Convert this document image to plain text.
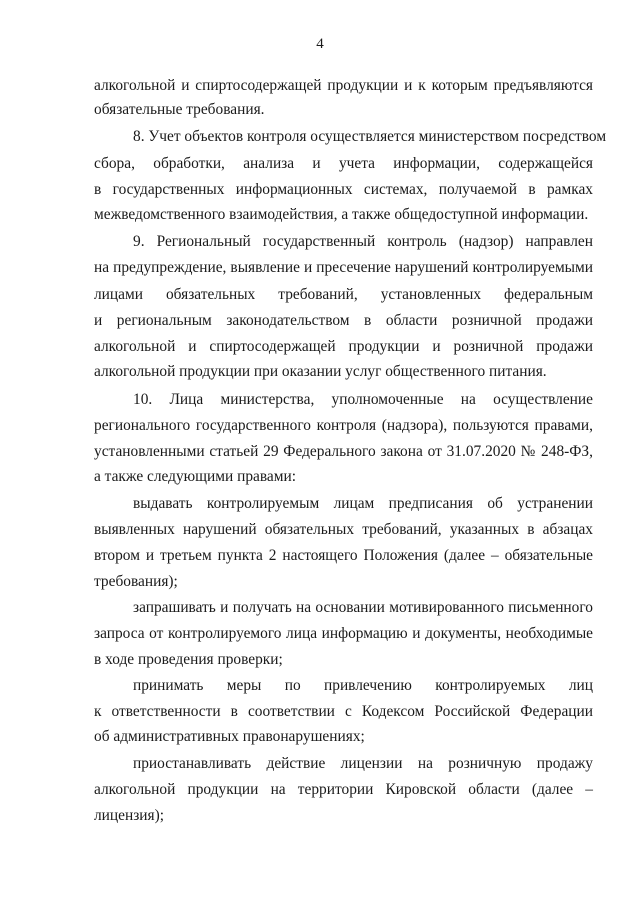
4
алкогольной и спиртосодержащей продукции и к которым предъявляются
обязательные требования.
8. Учет объектов контроля осуществляется министерством посредством
сбора, обработки, анализа и учета информации, содержащейся
в государственных информационных системах, получаемой в рамках
межведомственного взаимодействия, а также общедоступной информации.
9. Региональный государственный контроль (надзор) направлен
на предупреждение, выявление и пресечение нарушений контролируемыми
лицами обязательных требований, установленных федеральным
и региональным законодательством в области розничной продажи
алкогольной и спиртосодержащей продукции и розничной продажи
алкогольной продукции при оказании услуг общественного питания.
10. Лица министерства, уполномоченные на осуществление
регионального государственного контроля (надзора), пользуются правами,
установленными статьей 29 Федерального закона от 31.07.2020 № 248-ФЗ,
а также следующими правами:
выдавать контролируемым лицам предписания об устранении
выявленных нарушений обязательных требований, указанных в абзацах
втором и третьем пункта 2 настоящего Положения (далее – обязательные
требования);
запрашивать и получать на основании мотивированного письменного
запроса от контролируемого лица информацию и документы, необходимые
в ходе проведения проверки;
принимать меры по привлечению контролируемых лиц
к ответственности в соответствии с Кодексом Российской Федерации
об административных правонарушениях;
приостанавливать действие лицензии на розничную продажу
алкогольной продукции на территории Кировской области (далее –
лицензия);
